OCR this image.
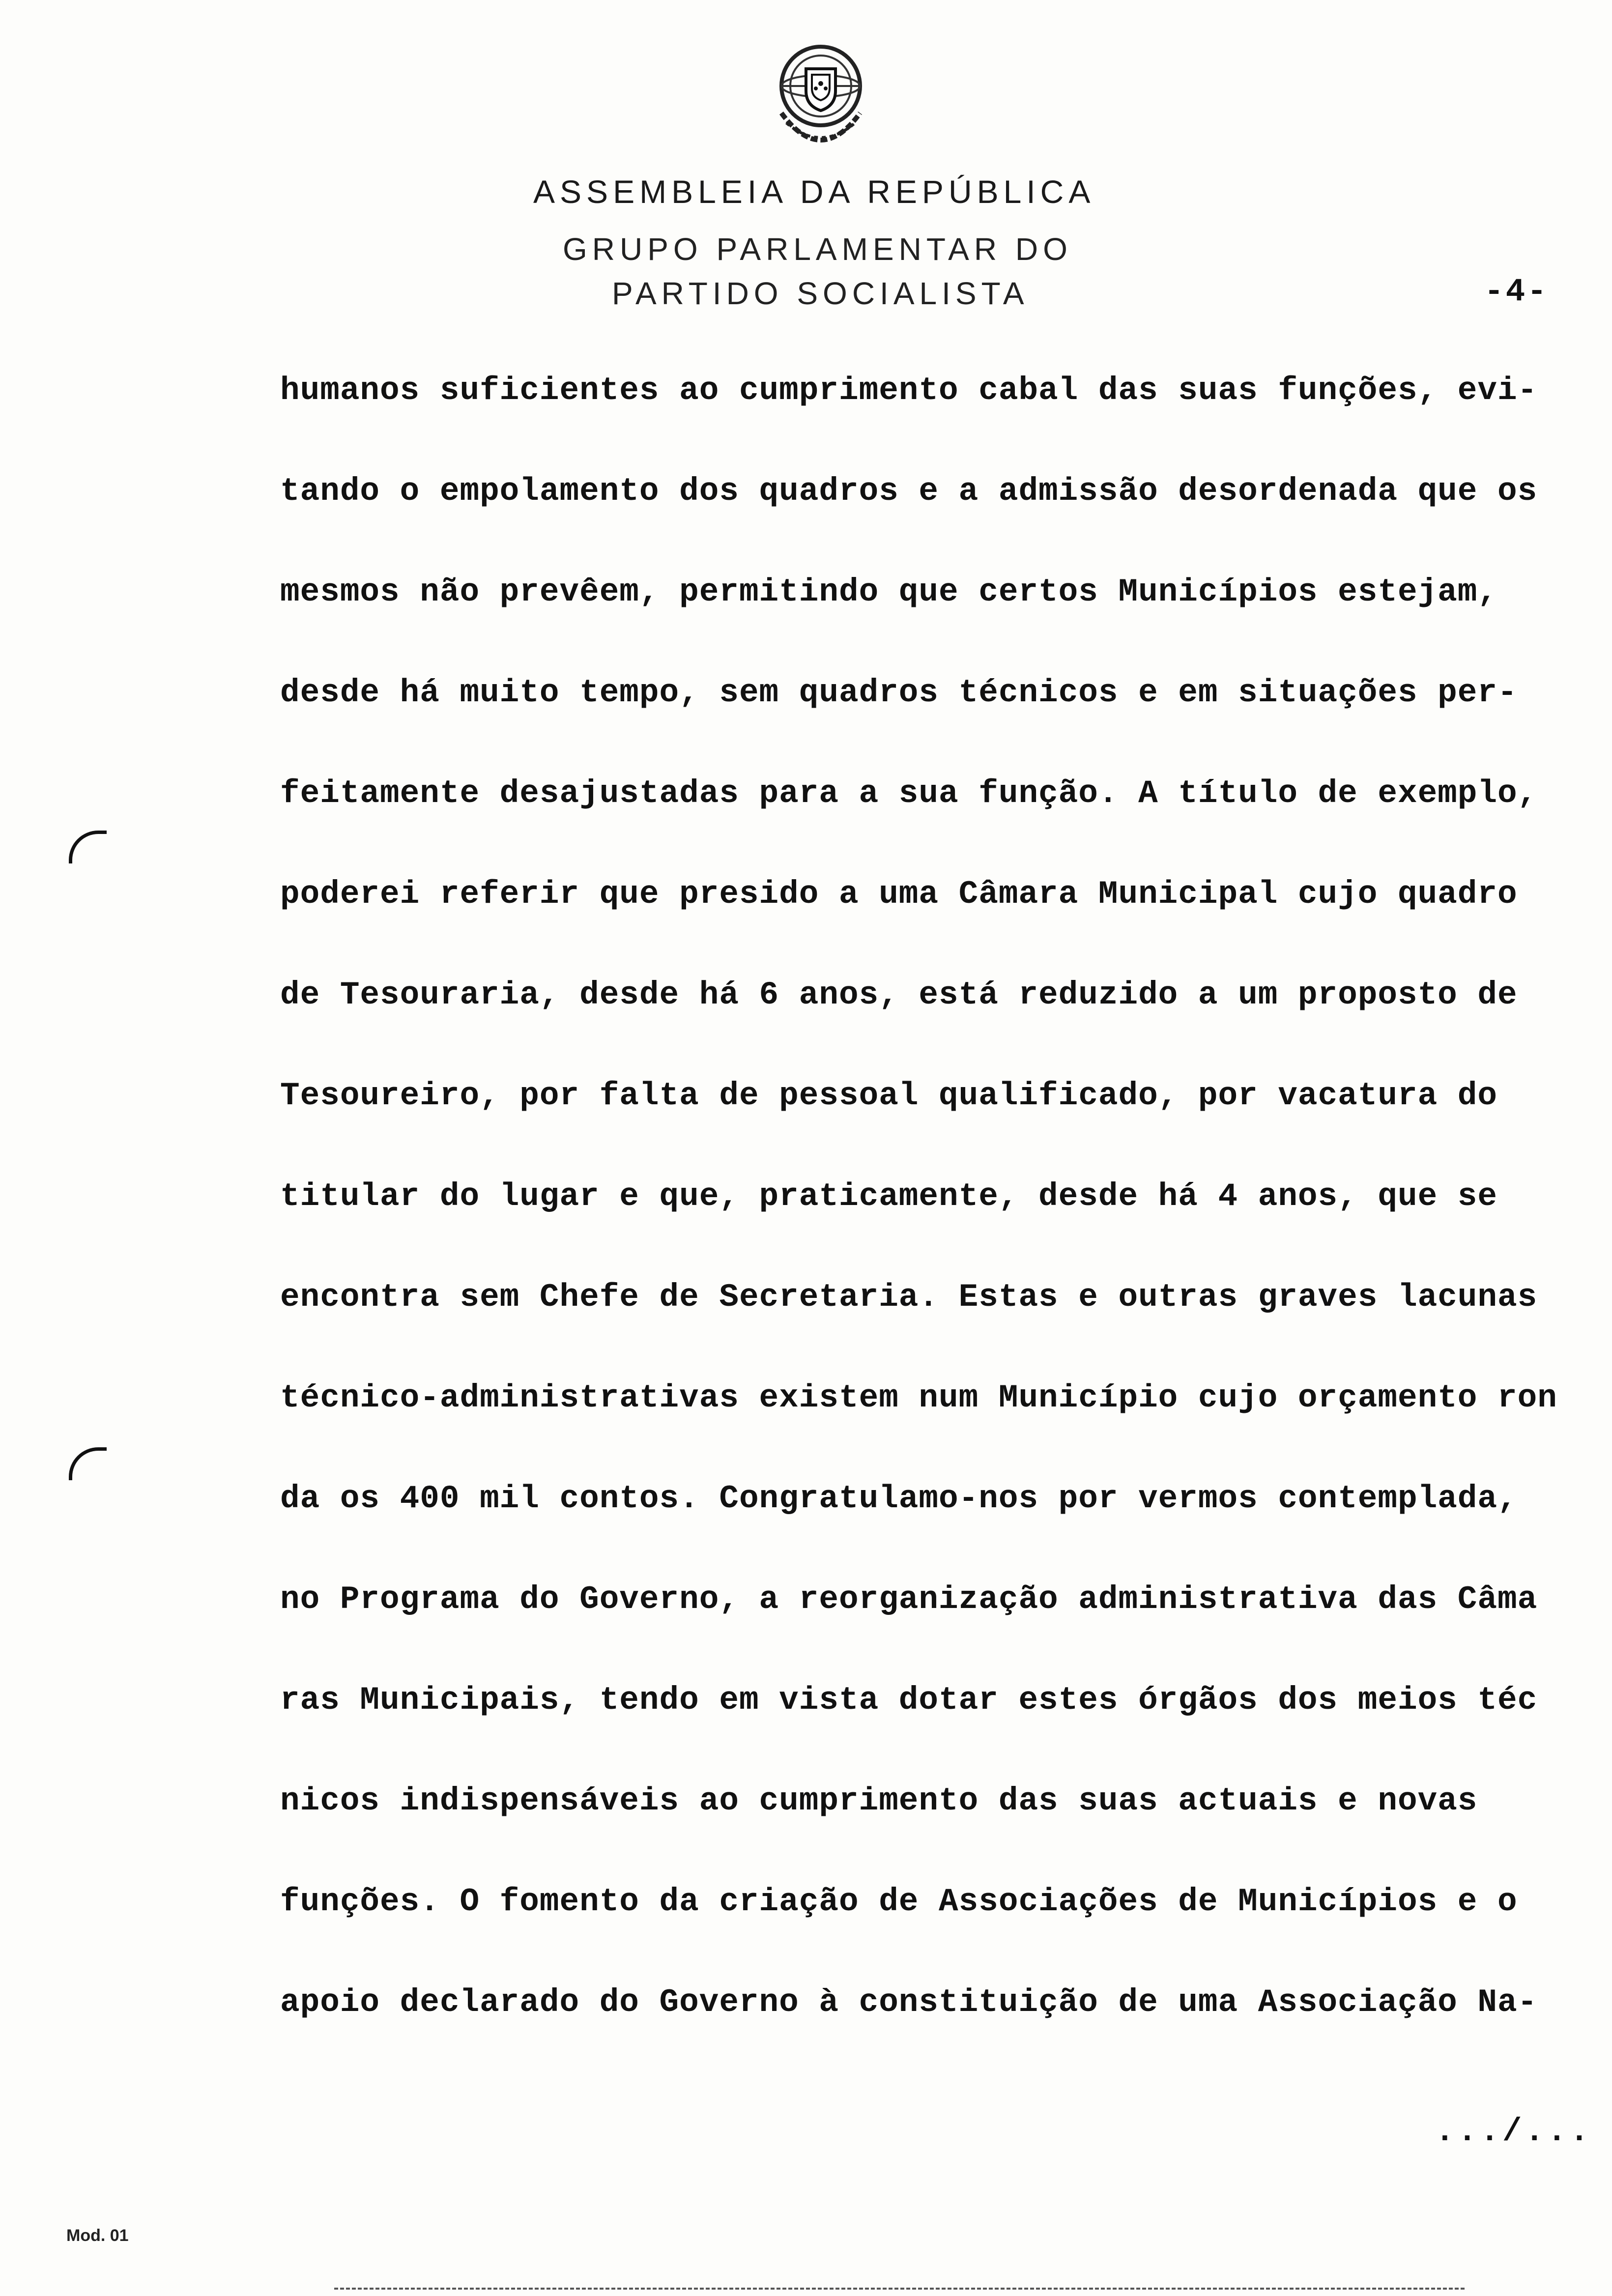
ASSEMBLEIA DA REPÚBLICA
GRUPO PARLAMENTAR DO
PARTIDO SOCIALISTA	-4-
humanos suficientes ao cumprimento cabal das suas funções, evi-
tando o empolamento dos quadros e a admissão desordenada que os
mesmos não prevêem, permitindo que certos Municípios estejam,
desde há muito tempo, sem quadros técnicos e em situações per-
feitamente desajustadas para a sua função. A título de exemplo,
poderei referir que presido a uma Câmara Municipal cujo quadro
de Tesouraria, desde há 6 anos, está reduzido a um proposto de
Tesoureiro, por falta de pessoal qualificado, por vacatura do
titular do lugar e que, praticamente, desde há 4 anos, que se
encontra sem Chefe de Secretaria. Estas e outras graves lacunas
técnico-administrativas existem num Município cujo orçamento ron
da os 400 mil contos. Congratulamo-nos por vermos contemplada,
no Programa do Governo, a reorganização administrativa das Câma
ras Municipais, tendo em vista dotar estes órgãos dos meios téc
nicos indispensáveis ao cumprimento das suas actuais e novas
funções. O fomento da criação de Associações de Municípios e o
apoio declarado do Governo à constituição de uma Associação Na-
.../...
Mod. 01
